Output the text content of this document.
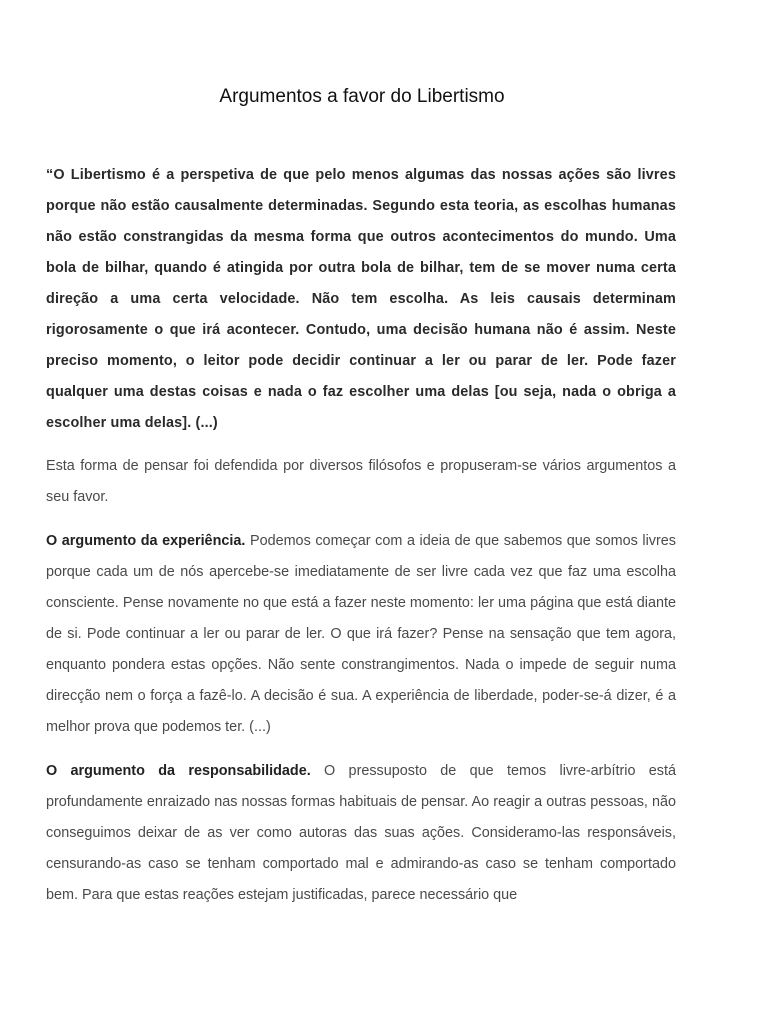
Argumentos a favor do Libertismo

“O Libertismo é a perspetiva de que pelo menos algumas das nossas ações são livres porque não estão causalmente determinadas. Segundo esta teoria, as escolhas humanas não estão constrangidas da mesma forma que outros acontecimentos do mundo. Uma bola de bilhar, quando é atingida por outra bola de bilhar, tem de se mover numa certa direção a uma certa velocidade. Não tem escolha. As leis causais determinam rigorosamente o que irá acontecer. Contudo, uma decisão humana não é assim. Neste preciso momento, o leitor pode decidir continuar a ler ou parar de ler. Pode fazer qualquer uma destas coisas e nada o faz escolher uma delas [ou seja, nada o obriga a escolher uma delas]. (...)

Esta forma de pensar foi defendida por diversos filósofos e propuseram-se vários argumentos a seu favor.

O argumento da experiência. Podemos começar com a ideia de que sabemos que somos livres porque cada um de nós apercebe-se imediatamente de ser livre cada vez que faz uma escolha consciente. Pense novamente no que está a fazer neste momento: ler uma página que está diante de si. Pode continuar a ler ou parar de ler. O que irá fazer? Pense na sensação que tem agora, enquanto pondera estas opções. Não sente constrangimentos. Nada o impede de seguir numa direcção nem o força a fazê-lo. A decisão é sua. A experiência de liberdade, poder-se-á dizer, é a melhor prova que podemos ter. (...)

O argumento da responsabilidade. O pressuposto de que temos livre-arbítrio está profundamente enraizado nas nossas formas habituais de pensar. Ao reagir a outras pessoas, não conseguimos deixar de as ver como autoras das suas ações. Consideramo-las responsáveis, censurando-as caso se tenham comportado mal e admirando-as caso se tenham comportado bem. Para que estas reações estejam justificadas, parece necessário que
